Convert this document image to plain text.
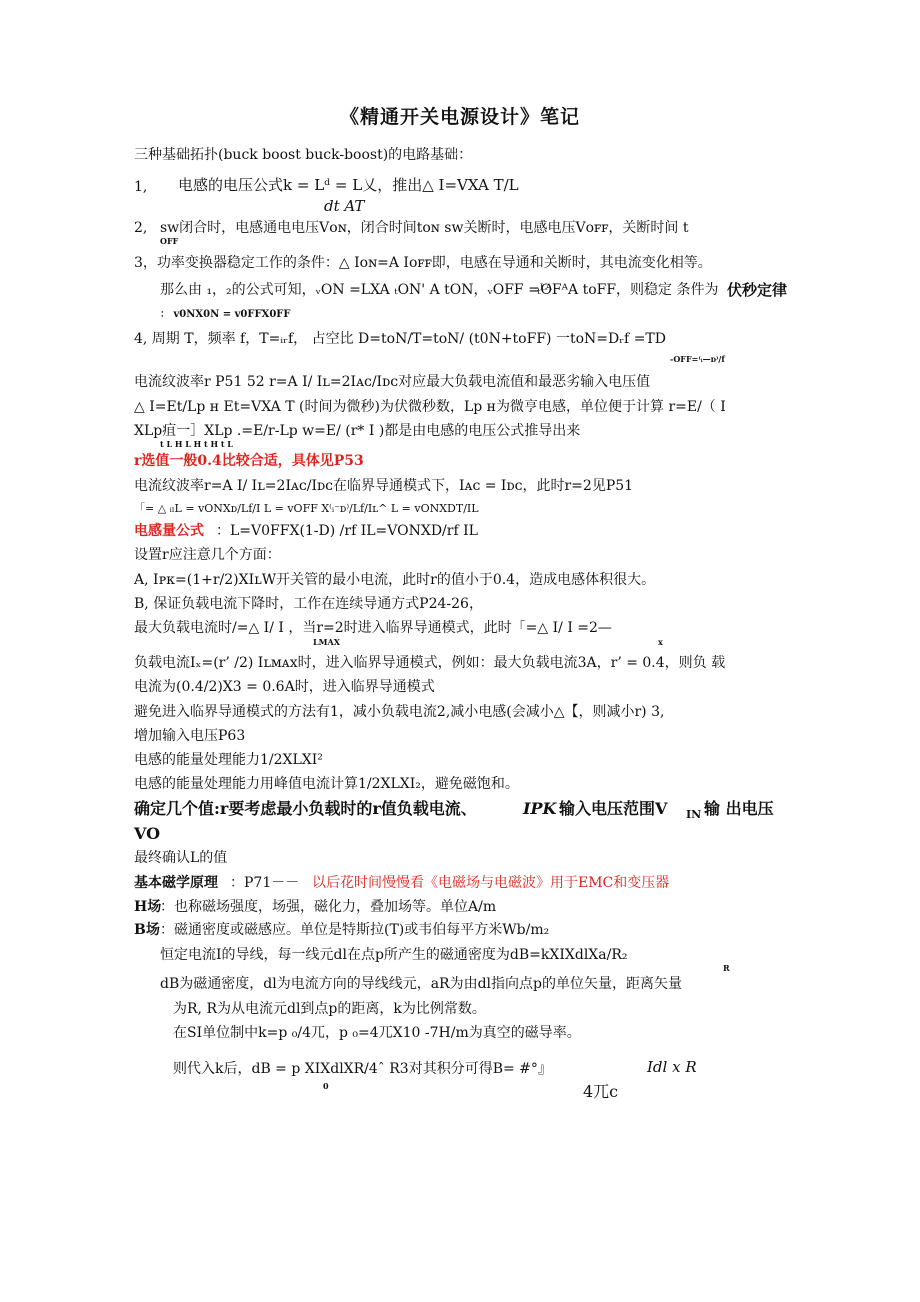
《精通开关电源设计》笔记
三种基础拓扑(buck boost buck-boost)的电路基础：
1, 电感的电压公式k = Lᵈ = L乂，推出△ I=VXA T/L
dt AT
2, sw闭合时，电感通电电压Vᴏɴ，闭合时间tᴏɴ sw关断时，电感电压Vᴏꜰꜰ，关断时间 t
OFF
3，功率变换器稳定工作的条件：△ Iᴏɴ=A Iᴏꜰꜰ即，电感在导通和关断时，其电流变化相等。
那么由 ₁，₂的公式可知，ᵥON =LXA ₜON' A tON，ᵥOFF =ᴸᴬ
ₜOFᴬA toFF，则稳定 条件为 伏秒定律
： v0NX0N = v0FFX0FF
4, 周期 T，频率 f，T=ᵢᵣf， 占空比 D=toN/T=toN/ (t0N+toFF) 一toN=Dᵣf =TD
-OFF=⁽ᵢ—ᴅ⁾/f
电流纹波率r P51 52 r=A I/ Iʟ=2Iᴀᴄ/Iᴅᴄ对应最大负载电流值和最恶劣输入电压值
△ I=Et/Lp ʜ Et=VXA T (时间为微秒)为伏微秒数，Lp ʜ为微亨电感，单位便于计算 r=E/（ I
XLp疽一］XLp .=E/r-Lp ᴡ=E/ (r* I )都是由电感的电压公式推导出来
t L H L H t H t L
r选值一般0.4比较合适，具体见P53
电流纹波率r=A I/ Iʟ=2Iᴀᴄ/Iᴅᴄ在临界导通模式下，Iᴀᴄ = Iᴅᴄ，此时r=2见P51
「= △ ᵢₗL = vONXᴅ/Lf/I L = vOFF X⁽ᵢ⁻ᴅ⁾/Lf/Iʟ^ L = vONXDT/IL
电感量公式 ：L=V0FFX(1-D) /rf IL=VONXD/rf IL
设置r应注意几个方面：
A, Iᴘᴋ=(1+r/2)XIʟW开关管的最小电流，此时r的值小于0.4，造成电感体积很大。
B, 保证负载电流下降时，工作在连续导通方式P24-26，
最大负载电流时/=△ I/ I ，当r=2时进入临界导通模式，此时「=△ I/ I =2—
LMAX	x
负载电流Iₓ=(r’ /2) Iʟᴍᴀx时，进入临界导通模式，例如：最大负载电流3A，r’ = 0.4，则负 载
电流为(0.4/2)X3 = 0.6A时，进入临界导通模式
避免进入临界导通模式的方法有1，减小负载电流2,减小电感(会减小△【，则减小r) 3,
增加输入电压P63
电感的能量处理能力1/2XLXI²
电感的能量处理能力用峰值电流计算1/2XLXI₂，避免磁饱和。
确定几个值:r要考虑最小负载时的r值负载电流、	IPK 输入电压范围V IN 输 出电压
VO
最终确认L的值
基本磁学原理 ：P71－－ 以后花时间慢慢看《电磁场与电磁波》用于EMC和变压器
H场
：也称磁场强度，场强，磁化力，叠加场等。单位A/m
B场 ：磁通密度或磁感应。单位是特斯拉(T)或韦伯每平方米Wb/m₂
恒定电流I的导线，每一线元dl在点p所产生的磁通密度为dB=kXIXdlXa/R₂
R
dB为磁通密度，dl为电流方向的导线线元，aR为由dl指向点p的单位矢量，距离矢量
为R, R为从电流元dl到点p的距离，k为比例常数。
在SI单位制中k=p ₀/4兀，p ₀=4兀X10 -7H/m为真空的磁导率。
则代入k后，dB = p XIXdlXR/4ˆ R3对其积分可得B= #°』
0
Idl x R
4兀c
